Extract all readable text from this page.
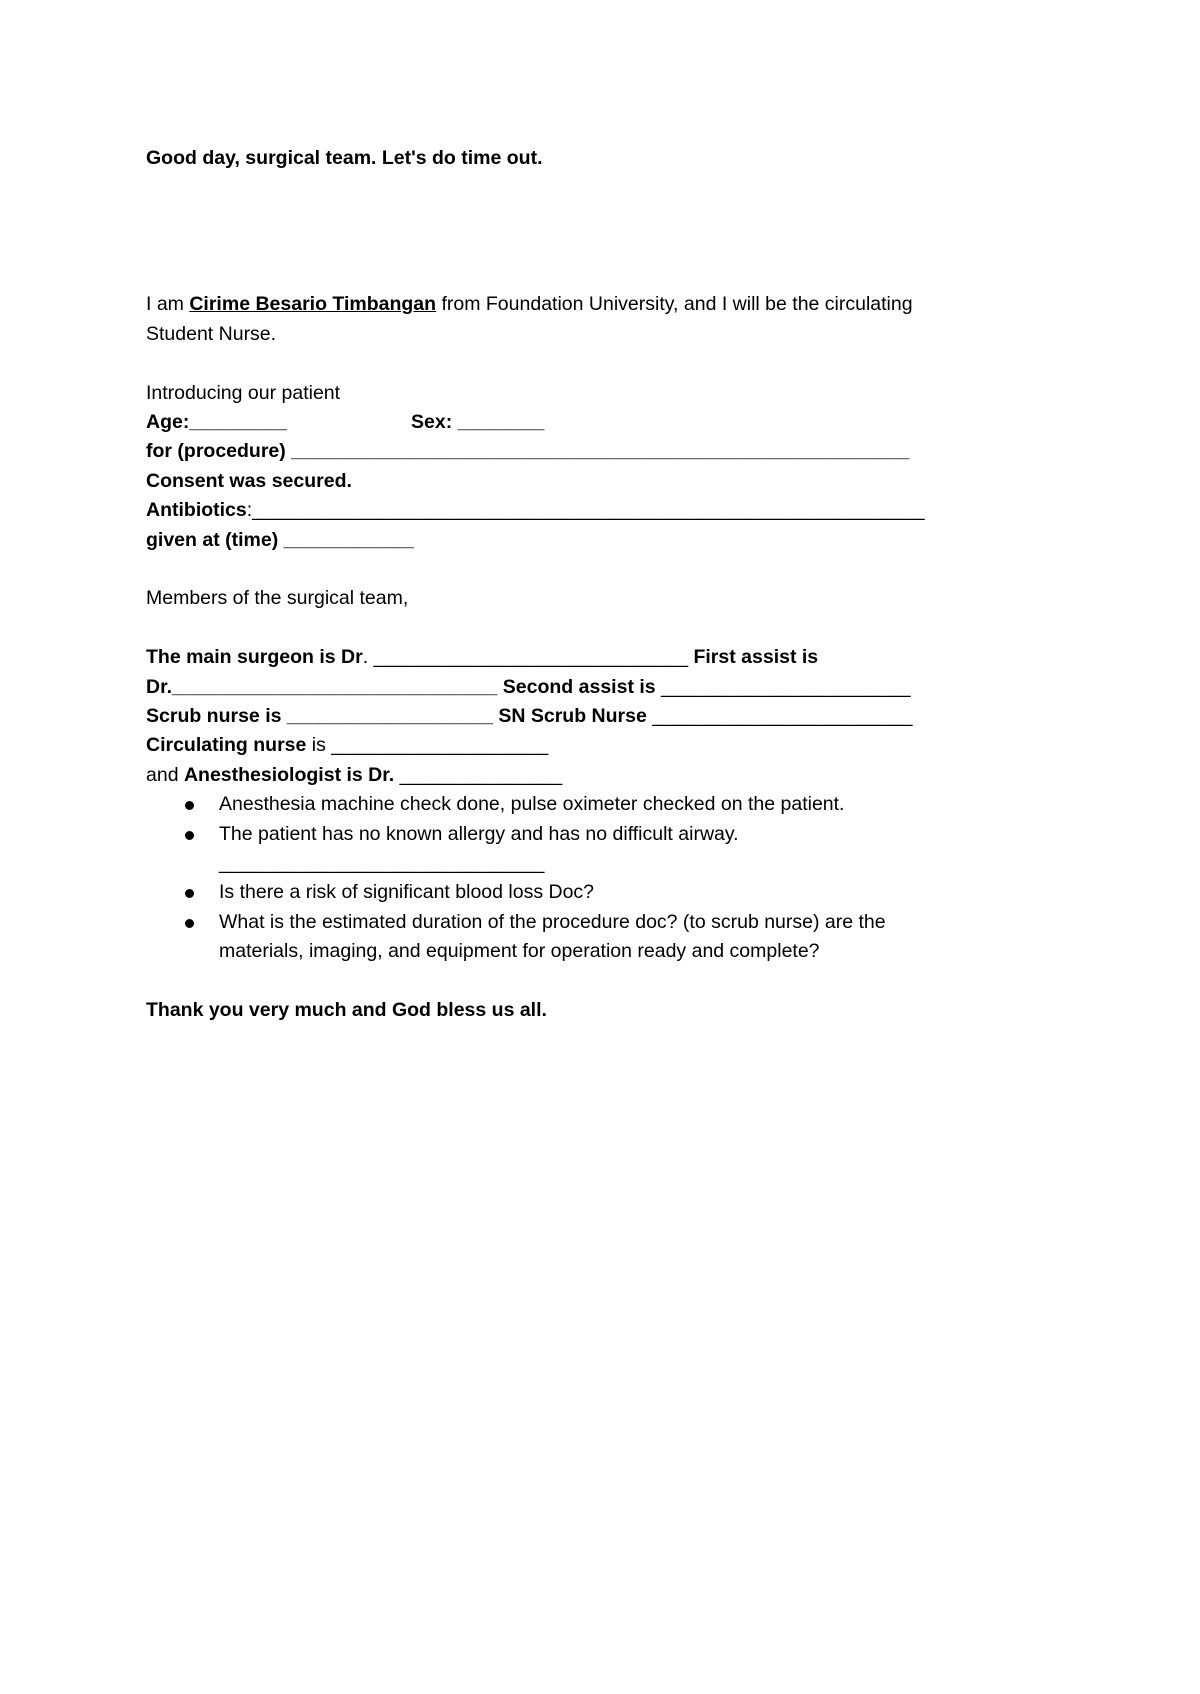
Good day, surgical team. Let's do time out.

I am Cirime Besario Timbangan from Foundation University, and I will be the circulating Student Nurse.

Introducing our patient

Age:_________	Sex: ________

for (procedure) _________________________________________________________

Consent was secured.

Antibiotics:______________________________________________________________

given at (time) ____________

Members of the surgical team,

The main surgeon is Dr. _____________________________ First assist is

Dr.______________________________ Second assist is _______________________

Scrub nurse is ___________________ SN Scrub Nurse ________________________

Circulating nurse is ____________________

and Anesthesiologist is Dr. _______________

Anesthesia machine check done, pulse oximeter checked on the patient.
The patient has no known allergy and has no difficult airway.
______________________________
Is there a risk of significant blood loss Doc?
What is the estimated duration of the procedure doc? (to scrub nurse) are the materials, imaging, and equipment for operation ready and complete?

Thank you very much and God bless us all.
